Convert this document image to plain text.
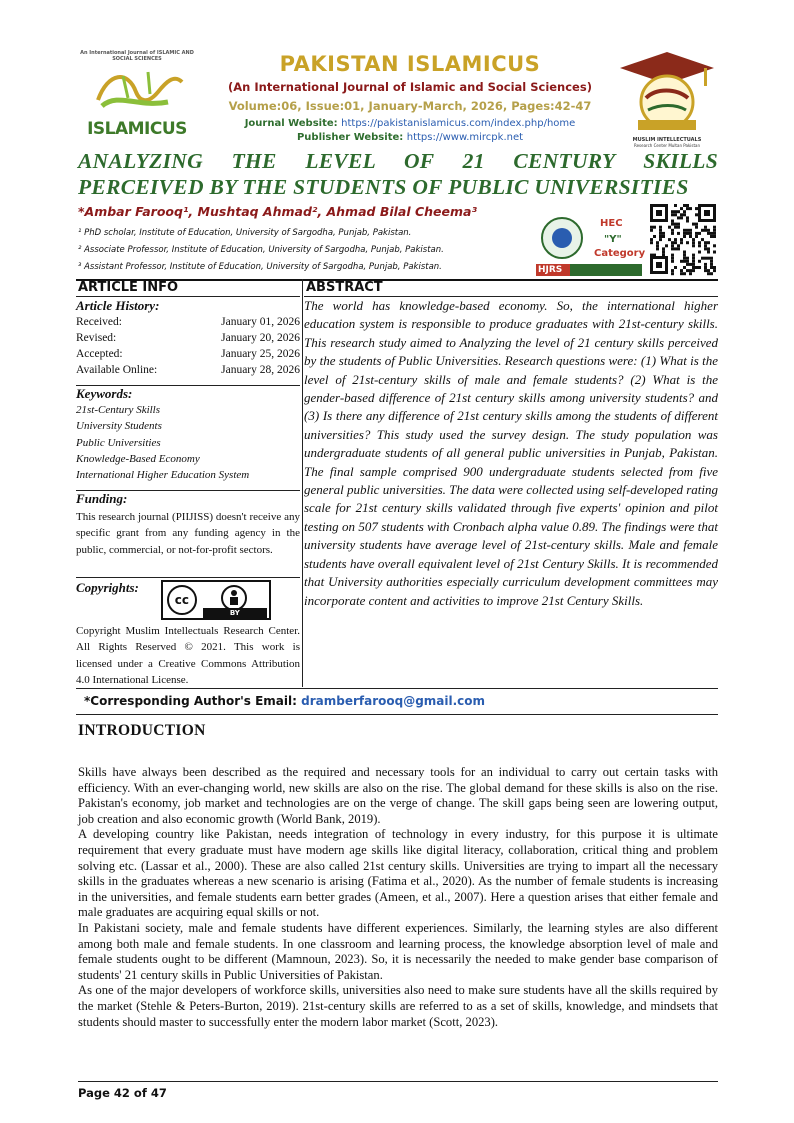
An International Journal of ISLAMIC AND SOCIAL SCIENCES
ISLAMICUS
PAKISTAN ISLAMICUS
(An International Journal of Islamic and Social Sciences)
Volume:06, Issue:01, January-March, 2026, Pages:42-47
Journal Website: https://pakistanislamicus.com/index.php/home
Publisher Website: https://www.mircpk.net	MUSLIM INTELLECTUALS
Research Center Multan Pakistan
ANALYZING THE LEVEL OF 21 CENTURY SKILLS
PERCEIVED BY THE STUDENTS OF PUBLIC UNIVERSITIES
*Ambar Farooq¹, Mushtaq Ahmad², Ahmad Bilal Cheema³
¹ PhD scholar, Institute of Education, University of Sargodha, Punjab, Pakistan.
² Associate Professor, Institute of Education, University of Sargodha, Punjab, Pakistan.
³ Assistant Professor, Institute of Education, University of Sargodha, Punjab, Pakistan.
HEC
"Y"
Category
HJRS
ARTICLE INFO	ABSTRACT
Article History:
Received:	January 01, 2026
Revised:	January 20, 2026
Accepted:	January 25, 2026
Available Online:	January 28, 2026
Keywords:
21st-Century Skills
University Students
Public Universities
Knowledge-Based Economy
International Higher Education System
Funding:
This research journal (PIIJISS) doesn't receive any specific grant from any funding agency in the public, commercial, or not-for-profit sectors.
Copyrights:
cc
BY
Copyright Muslim Intellectuals Research Center. All Rights Reserved © 2021. This work is licensed under a Creative Commons Attribution 4.0 International License.
The world has knowledge-based economy. So, the international higher education system is responsible to produce graduates with 21st-century skills. This research study aimed to Analyzing the level of 21 century skills perceived by the students of Public Universities. Research questions were: (1) What is the level of 21st-century skills of male and female students? (2) What is the gender-based difference of 21st century skills among university students? and (3) Is there any difference of 21st century skills among the students of different universities? This study used the survey design. The study population was undergraduate students of all general public universities in Punjab, Pakistan. The final sample comprised 900 undergraduate students selected from five general public universities. The data were collected using self-developed rating scale for 21st century skills validated through five experts' opinion and pilot testing on 507 students with Cronbach alpha value 0.89. The findings were that university students have average level of 21st-century skills. Male and female students have overall equivalent level of 21st Century Skills. It is recommended that University authorities especially curriculum development committees may incorporate content and activities to improve 21st Century Skills.
*Corresponding Author's Email: dramberfarooq@gmail.com
INTRODUCTION

Skills have always been described as the required and necessary tools for an individual to carry out certain tasks with efficiency. With an ever-changing world, new skills are also on the rise. The global demand for these skills is also on the rise. Pakistan's economy, job market and technologies are on the verge of change. The skill gaps being seen are lowering output, job creation and also economic growth (World Bank, 2019).

A developing country like Pakistan, needs integration of technology in every industry, for this purpose it is ultimate requirement that every graduate must have modern age skills like digital literacy, collaboration, critical thing and problem solving etc. (Lassar et al., 2000). These are also called 21st century skills. Universities are trying to impart all the necessary skills in the graduates whereas a new scenario is arising (Fatima et al., 2020). As the number of female students is increasing in the universities, and female students earn better grades (Ameen, et al., 2007). Here a question arises that either female and male graduates are acquiring equal skills or not.

In Pakistani society, male and female students have different experiences. Similarly, the learning styles are also different among both male and female students. In one classroom and learning process, the knowledge absorption level of male and female students ought to be different (Mamnoun, 2023). So, it is necessarily the needed to make gender base comparison of students' 21 century skills in Public Universities of Pakistan.

As one of the major developers of workforce skills, universities also need to make sure students have all the skills required by the market (Stehle & Peters-Burton, 2019). 21st-century skills are referred to as a set of skills, knowledge, and mindsets that students should master to successfully enter the modern labor market (Scott, 2023).

Page 42 of 47
